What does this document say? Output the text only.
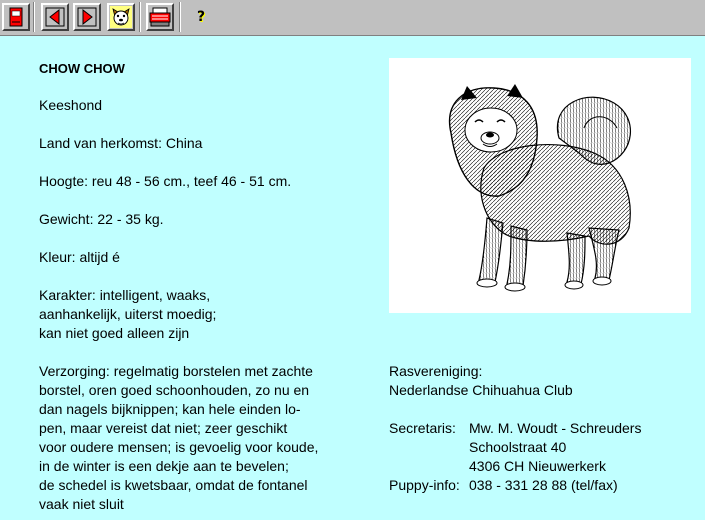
?
CHOW CHOW
Keeshond
Land van herkomst: China
Hoogte: reu 48 - 56 cm., teef 46 - 51 cm.
Gewicht: 22 - 35 kg.
Kleur: altijd é
Karakter: intelligent, waaks,
aanhankelijk, uiterst moedig;
kan niet goed alleen zijn
Verzorging: regelmatig borstelen met zachte
borstel, oren goed schoonhouden, zo nu en
dan nagels bijknippen; kan hele einden lo-
pen, maar vereist dat niet; zeer geschikt
voor oudere mensen; is gevoelig voor koude,
in de winter is een dekje aan te bevelen;
de schedel is kwetsbaar, omdat de fontanel
vaak niet sluit
Rasvereniging:
Nederlandse Chihuahua Club
Secretaris: Mw. M. Woudt - Schreuders
Schoolstraat 40
4306 CH Nieuwerkerk
Puppy-info: 038 - 331 28 88 (tel/fax)
